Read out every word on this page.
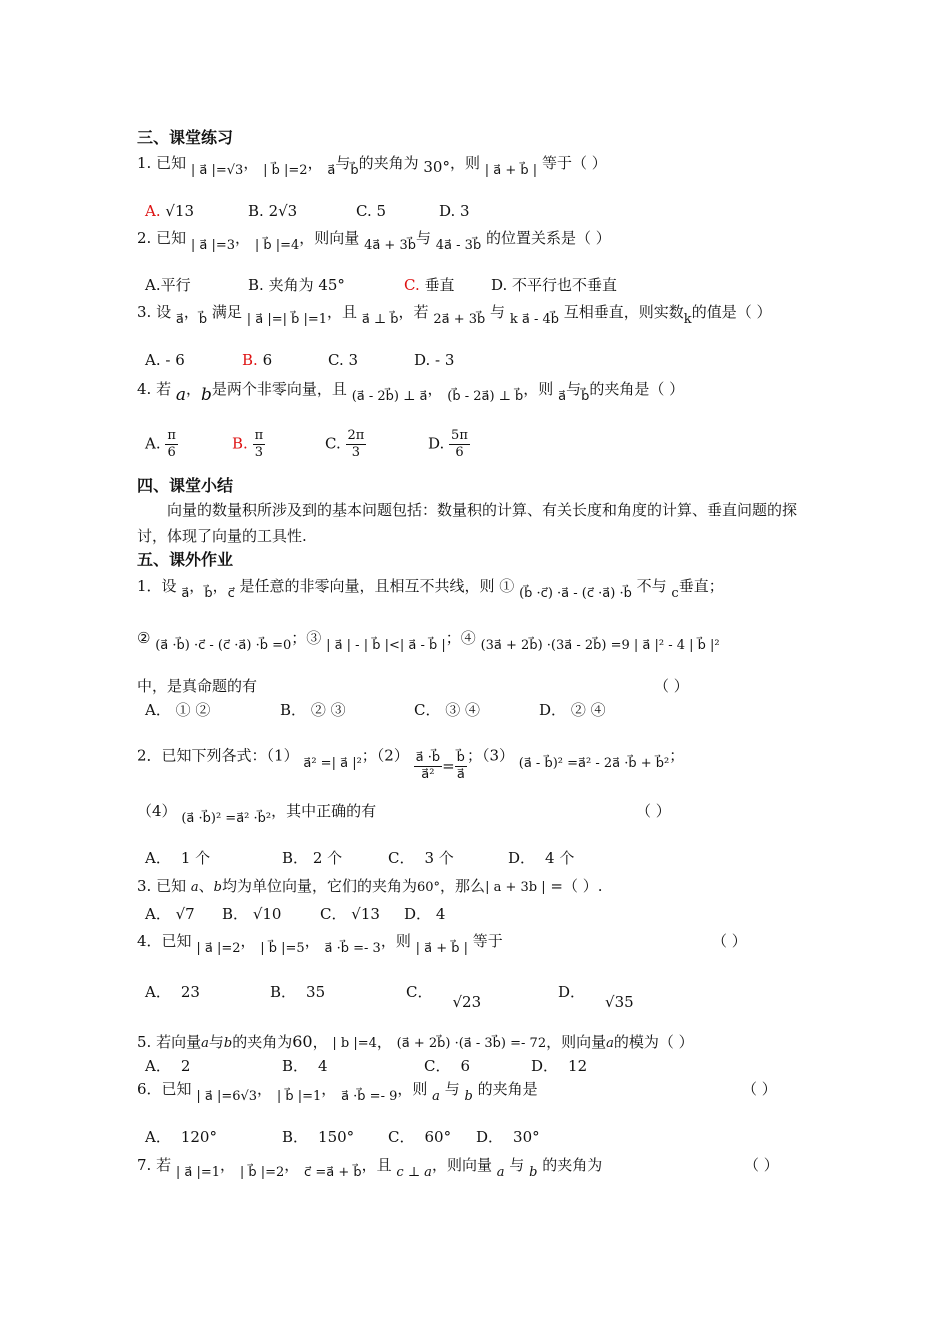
三、课堂练习
1. 已知 | a⃗ |=√3， | b⃗ |=2， a⃗与b⃗的夹角为 30°，则 | a⃗ + b⃗ | 等于（ ）
A. √13	B. 2√3	C. 5	D. 3
2. 已知 | a⃗ |=3， | b⃗ |=4，则向量 4a⃗ + 3b⃗与 4a⃗ - 3b⃗ 的位置关系是（ ）
A.平行	B. 夹角为 45°	C. 垂直 D. 不平行也不垂直
3. 设 a⃗，b⃗ 满足 | a⃗ |=| b⃗ |=1，且 a⃗ ⊥ b⃗，若 2a⃗ + 3b⃗ 与 k a⃗ - 4b⃗ 互相垂直，则实数k的值是（ ）
A. - 6	B. 6	C. 3	D. - 3
4. 若 a，b是两个非零向量，且 (a⃗ - 2b⃗) ⊥ a⃗， (b⃗ - 2a⃗) ⊥ b⃗，则 a⃗与b⃗的夹角是（ ）
A. $\frac{\pi}{6}$	B. $\frac{\pi}{3}$	C. $\frac{2\pi}{3}$	D. $\frac{5\pi}{6}$
四、课堂小结
向量的数量积所涉及到的基本问题包括：数量积的计算、有关长度和角度的计算、垂直问题的探讨，体现了向量的工具性.
五、课外作业
1．设 a⃗，b⃗，c⃗ 是任意的非零向量，且相互不共线，则 ① (b⃗ ·c⃗) ·a⃗ - (c⃗ ·a⃗) ·b⃗ 不与 c垂直；
② (a⃗ ·b⃗) ·c⃗ - (c⃗ ·a⃗) ·b⃗ =0；③ | a⃗ | - | b⃗ |<| a⃗ - b⃗ |；④ (3a⃗ + 2b⃗) ·(3a⃗ - 2b⃗) =9 | a⃗ |² - 4 | b⃗ |²
中，是真命题的有	（ ）
A． ① ②	B． ② ③	C． ③ ④	D． ② ④
2．已知下列各式：（1） a⃗² =| a⃗ |²；$(2) \frac{a⃗ \cdot b⃗}{\text{a⃗²}} = \frac{b⃗}{a⃗}$ ；（3） (a⃗ - b⃗)² =a⃗² - 2a⃗ ·b⃗ + b⃗²；
（4） (a⃗ ·b⃗)² =a⃗² ·b⃗²，其中正确的有	（ ）
A． 1 个	B． 2 个	C． 3 个	D． 4 个
3. 已知 a、b均为单位向量，它们的夹角为60°，那么| a + 3b | =（ ）.
A． √7 B． √10	C． √13 D． 4
4．已知 | a⃗ |=2， | b⃗ |=5， a⃗ ·b⃗ =- 3，则 | a⃗ + b⃗ | 等于	（ ）
A． 23	B． 35	C．√23
D．√35
5. 若向量a与b的夹角为60， | b |=4， (a⃗ + 2b⃗) ·(a⃗ - 3b⃗) =- 72，则向量a的模为（ ）
A． 2	B． 4	C． 6	D． 12
6．已知 | a⃗ |=6√3， | b⃗ |=1， a⃗ ·b⃗ =- 9，则 a 与 b 的夹角是	（ ）
A． 120°	B． 150° C． 60° D． 30°
7. 若 | a⃗ |=1， | b⃗ |=2， c⃗ =a⃗ + b⃗，且 c ⊥ a，则向量 a 与 b 的夹角为	（ ）
